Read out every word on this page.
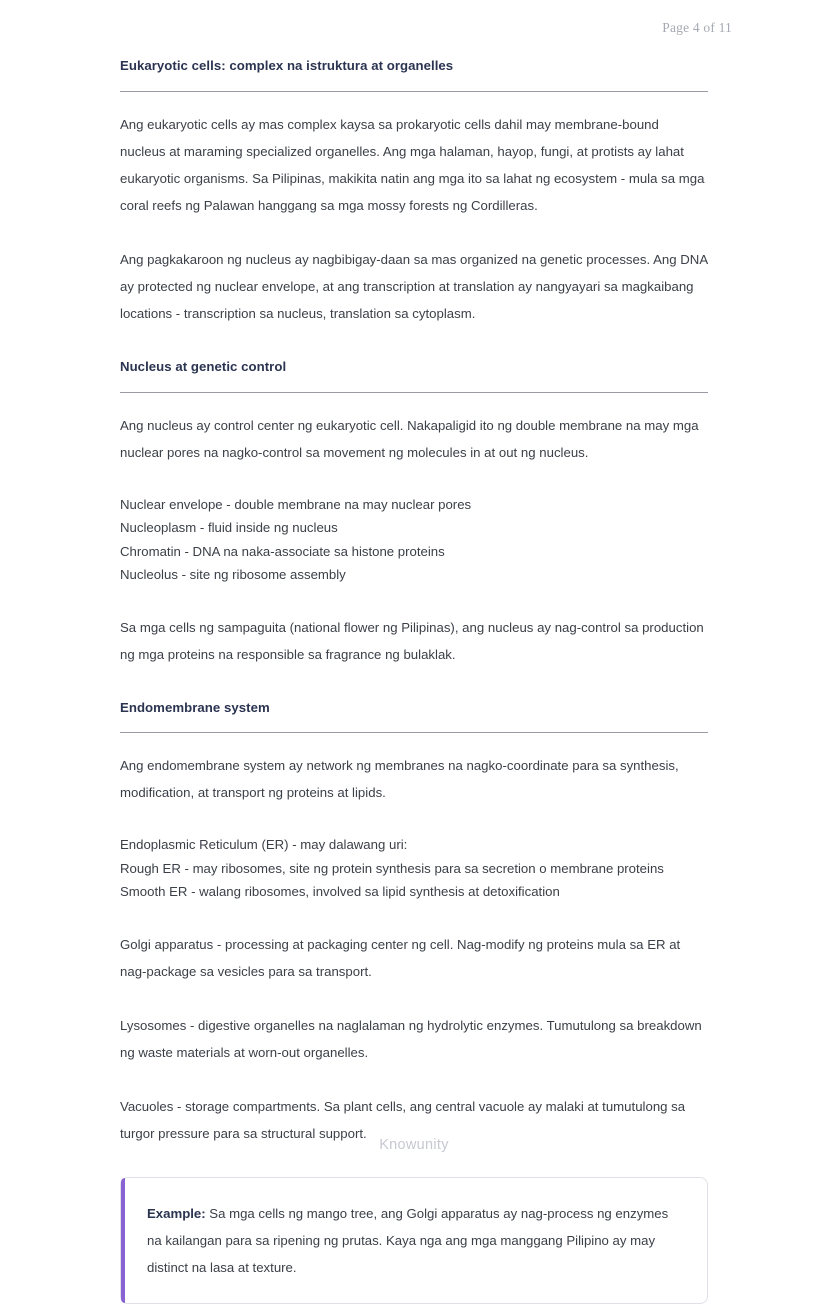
Page 4 of 11
Eukaryotic cells: complex na istruktura at organelles

Ang eukaryotic cells ay mas complex kaysa sa prokaryotic cells dahil may membrane-bound nucleus at maraming specialized organelles. Ang mga halaman, hayop, fungi, at protists ay lahat eukaryotic organisms. Sa Pilipinas, makikita natin ang mga ito sa lahat ng ecosystem - mula sa mga coral reefs ng Palawan hanggang sa mga mossy forests ng Cordilleras.

Ang pagkakaroon ng nucleus ay nagbibigay-daan sa mas organized na genetic processes. Ang DNA ay protected ng nuclear envelope, at ang transcription at translation ay nangyayari sa magkaibang locations - transcription sa nucleus, translation sa cytoplasm.

Nucleus at genetic control

Ang nucleus ay control center ng eukaryotic cell. Nakapaligid ito ng double membrane na may mga nuclear pores na nagko-control sa movement ng molecules in at out ng nucleus.

Nuclear envelope - double membrane na may nuclear pores
Nucleoplasm - fluid inside ng nucleus
Chromatin - DNA na naka-associate sa histone proteins
Nucleolus - site ng ribosome assembly

Sa mga cells ng sampaguita (national flower ng Pilipinas), ang nucleus ay nag-control sa production ng mga proteins na responsible sa fragrance ng bulaklak.

Endomembrane system

Ang endomembrane system ay network ng membranes na nagko-coordinate para sa synthesis, modification, at transport ng proteins at lipids.

Endoplasmic Reticulum (ER) - may dalawang uri:
Rough ER - may ribosomes, site ng protein synthesis para sa secretion o membrane proteins
Smooth ER - walang ribosomes, involved sa lipid synthesis at detoxification

Golgi apparatus - processing at packaging center ng cell. Nag-modify ng proteins mula sa ER at nag-package sa vesicles para sa transport.

Lysosomes - digestive organelles na naglalaman ng hydrolytic enzymes. Tumutulong sa breakdown ng waste materials at worn-out organelles.

Vacuoles - storage compartments. Sa plant cells, ang central vacuole ay malaki at tumutulong sa turgor pressure para sa structural support.

Example: Sa mga cells ng mango tree, ang Golgi apparatus ay nag-process ng enzymes na kailangan para sa ripening ng prutas. Kaya nga ang mga manggang Pilipino ay may distinct na lasa at texture.

Knowunity
